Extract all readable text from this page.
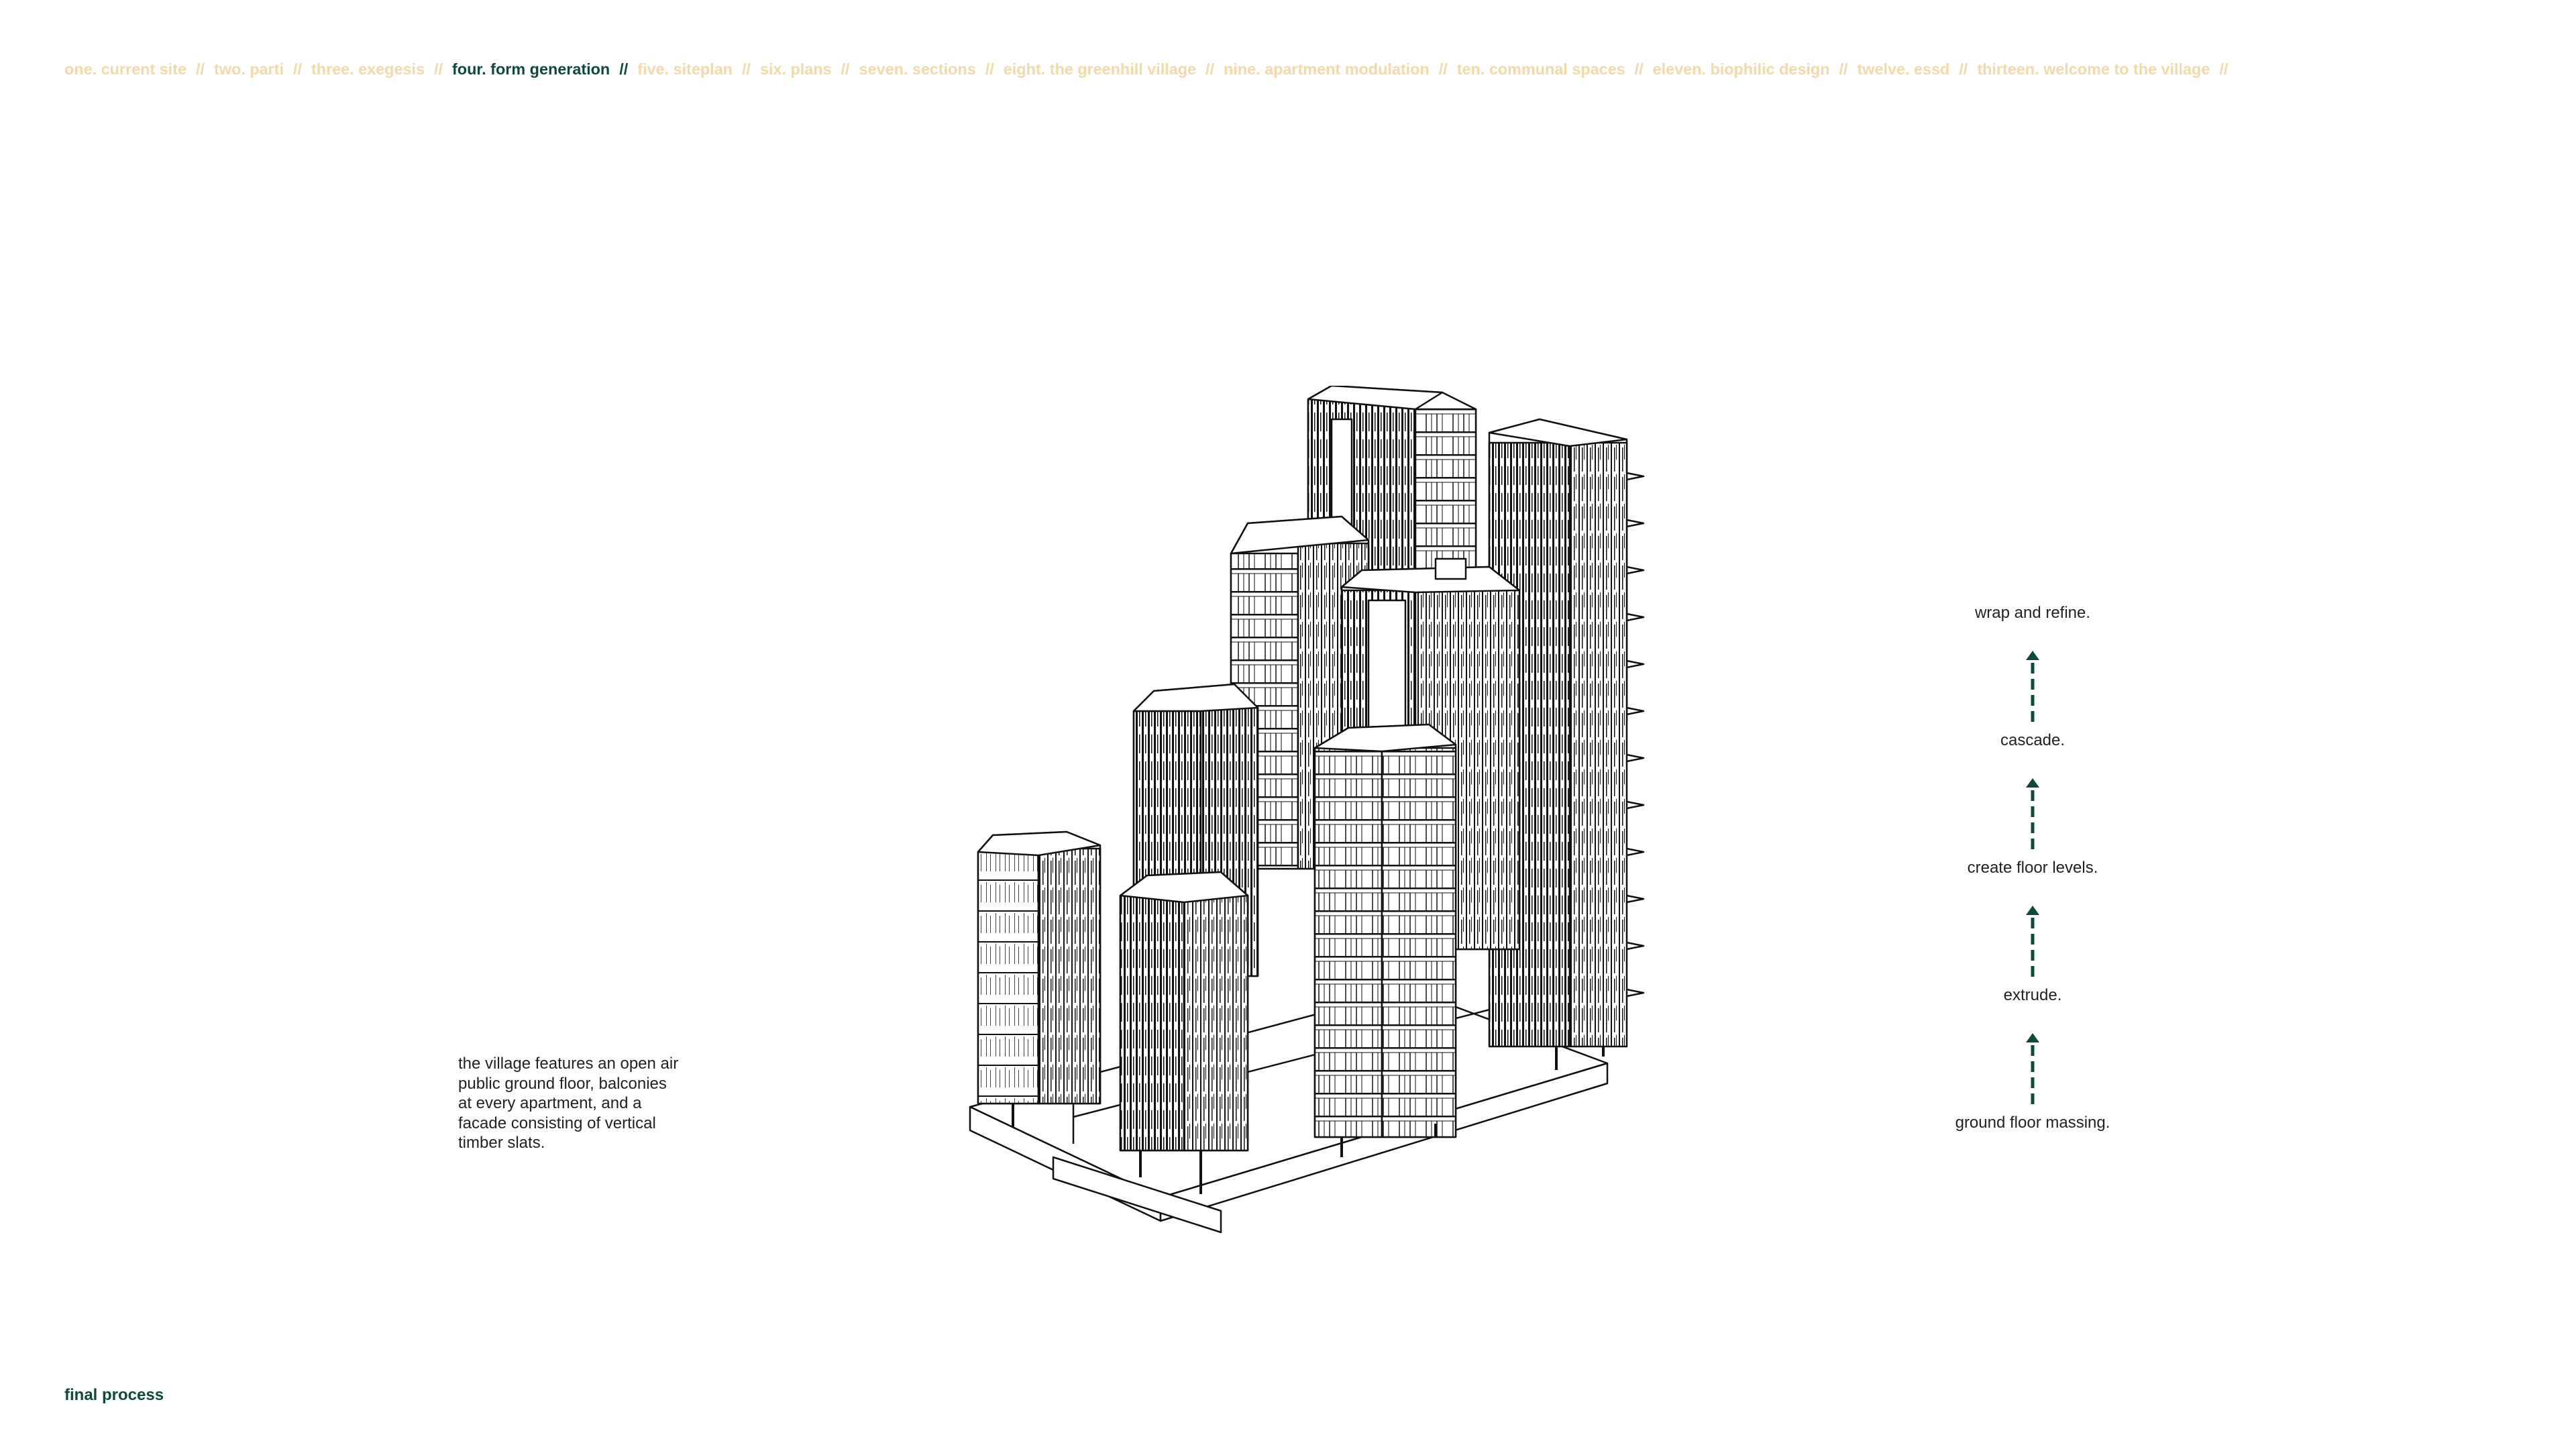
one. current site // two. parti // three. exegesis // four. form generation // five. siteplan // six. plans // seven. sections // eight. the greenhill village // nine. apartment modulation // ten. communal spaces // eleven. biophilic design // twelve. essd // thirteen. welcome to the village //
the village features an open air
public ground floor, balconies
at every apartment, and a
facade consisting of vertical
timber slats.
wrap and refine.
cascade.
create floor levels.
extrude.
ground floor massing.
final process
